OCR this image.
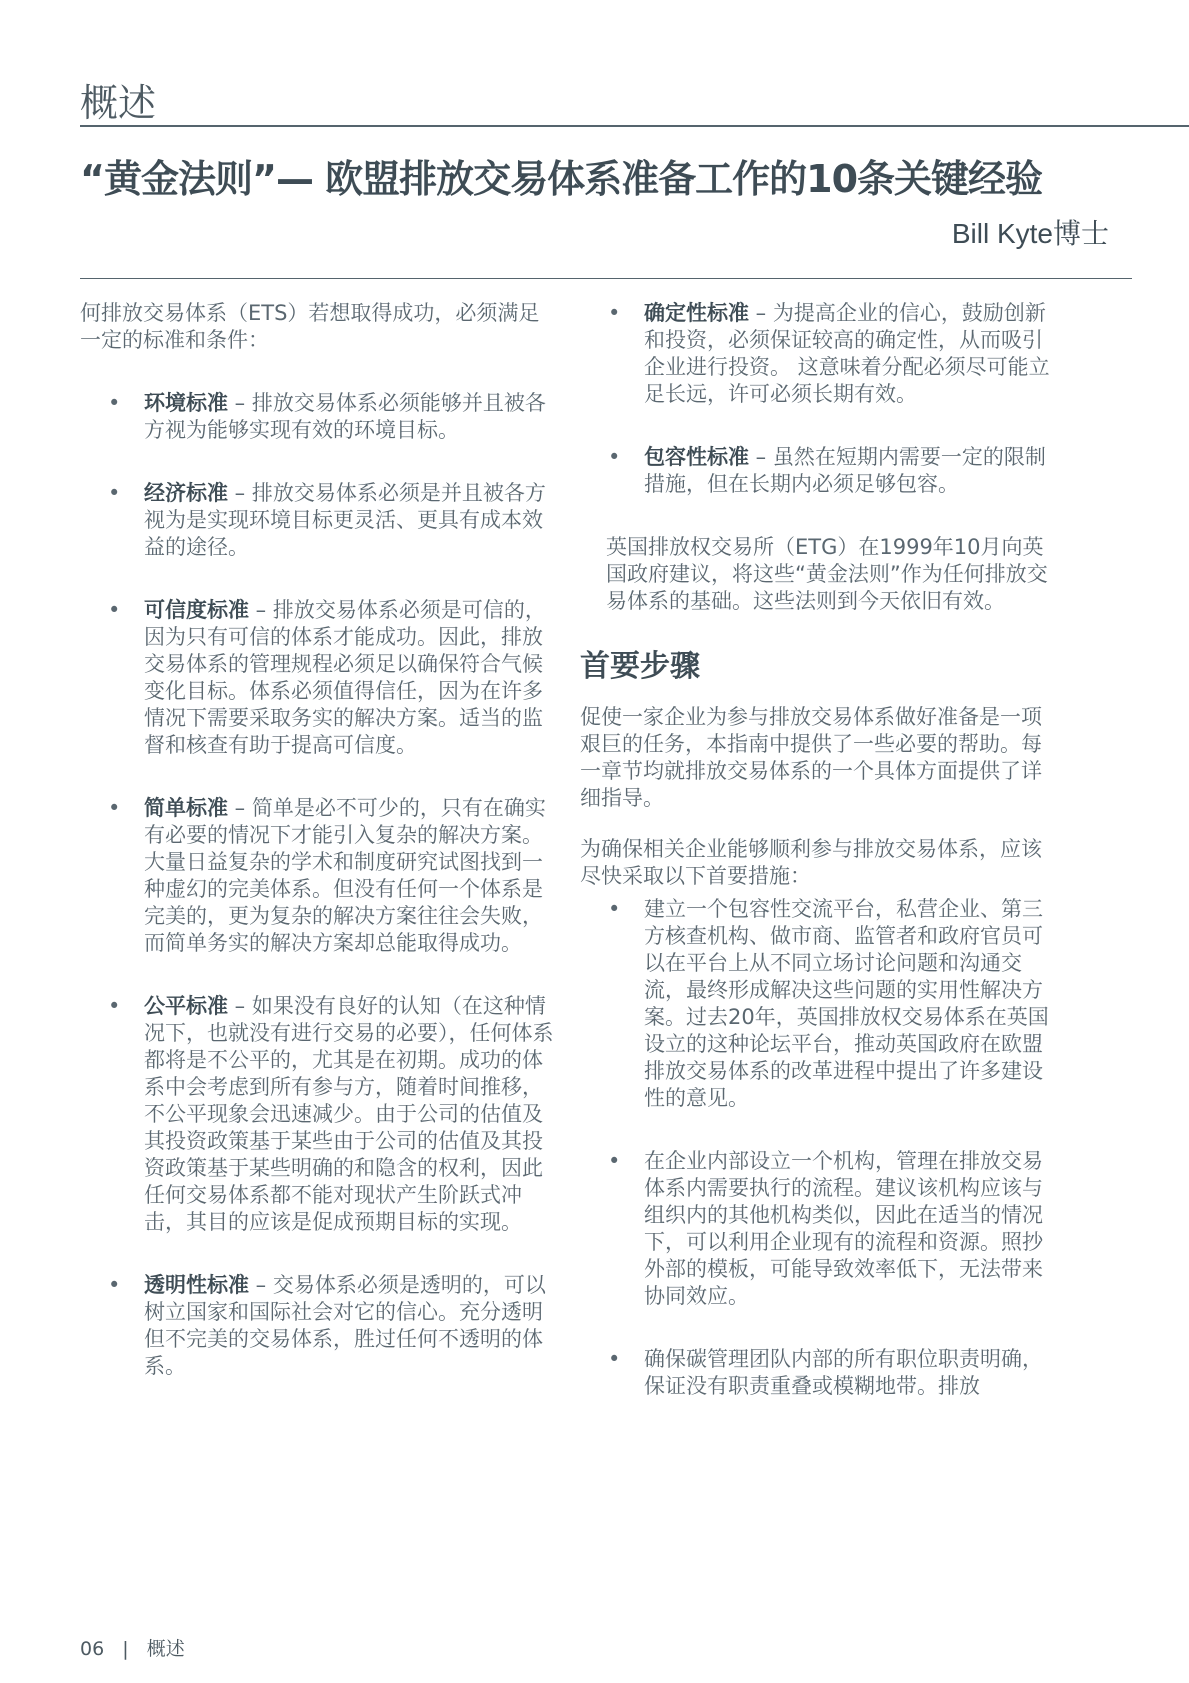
概述
“黄金法则”— 欧盟排放交易体系准备工作的10条关键经验
Bill Kyte博士

何排放交易体系（ETS）若想取得成功，必须满足一定的标准和条件：

• 环境标准 – 排放交易体系必须能够并且被各方视为能够实现有效的环境目标。
• 经济标准 – 排放交易体系必须是并且被各方视为是实现环境目标更灵活、更具有成本效益的途径。
• 可信度标准 – 排放交易体系必须是可信的，因为只有可信的体系才能成功。因此，排放交易体系的管理规程必须足以确保符合气候变化目标。体系必须值得信任，因为在许多情况下需要采取务实的解决方案。适当的监督和核查有助于提高可信度。
• 简单标准 – 简单是必不可少的，只有在确实有必要的情况下才能引入复杂的解决方案。大量日益复杂的学术和制度研究试图找到一种虚幻的完美体系。但没有任何一个体系是完美的，更为复杂的解决方案往往会失败，而简单务实的解决方案却总能取得成功。
• 公平标准 – 如果没有良好的认知（在这种情况下，也就没有进行交易的必要），任何体系都将是不公平的，尤其是在初期。成功的体系中会考虑到所有参与方，随着时间推移，不公平现象会迅速减少。由于公司的估值及其投资政策基于某些由于公司的估值及其投资政策基于某些明确的和隐含的权利，因此任何交易体系都不能对现状产生阶跃式冲击，其目的应该是促成预期目标的实现。
• 透明性标准 – 交易体系必须是透明的，可以树立国家和国际社会对它的信心。充分透明但不完美的交易体系，胜过任何不透明的体系。
• 确定性标准 – 为提高企业的信心，鼓励创新和投资，必须保证较高的确定性，从而吸引企业进行投资。 这意味着分配必须尽可能立足长远，许可必须长期有效。
• 包容性标准 – 虽然在短期内需要一定的限制措施，但在长期内必须足够包容。

英国排放权交易所（ETG）在1999年10月向英国政府建议，将这些“黄金法则”作为任何排放交易体系的基础。这些法则到今天依旧有效。

首要步骤

促使一家企业为参与排放交易体系做好准备是一项艰巨的任务，本指南中提供了一些必要的帮助。每一章节均就排放交易体系的一个具体方面提供了详细指导。

为确保相关企业能够顺利参与排放交易体系，应该尽快采取以下首要措施：

• 建立一个包容性交流平台，私营企业、第三方核查机构、做市商、监管者和政府官员可以在平台上从不同立场讨论问题和沟通交流，最终形成解决这些问题的实用性解决方案。过去20年，英国排放权交易体系在英国设立的这种论坛平台，推动英国政府在欧盟排放交易体系的改革进程中提出了许多建设性的意见。
• 在企业内部设立一个机构，管理在排放交易体系内需要执行的流程。建议该机构应该与组织内的其他机构类似，因此在适当的情况下，可以利用企业现有的流程和资源。照抄外部的模板，可能导致效率低下，无法带来协同效应。
• 确保碳管理团队内部的所有职位职责明确，保证没有职责重叠或模糊地带。排放
06 | 概述
